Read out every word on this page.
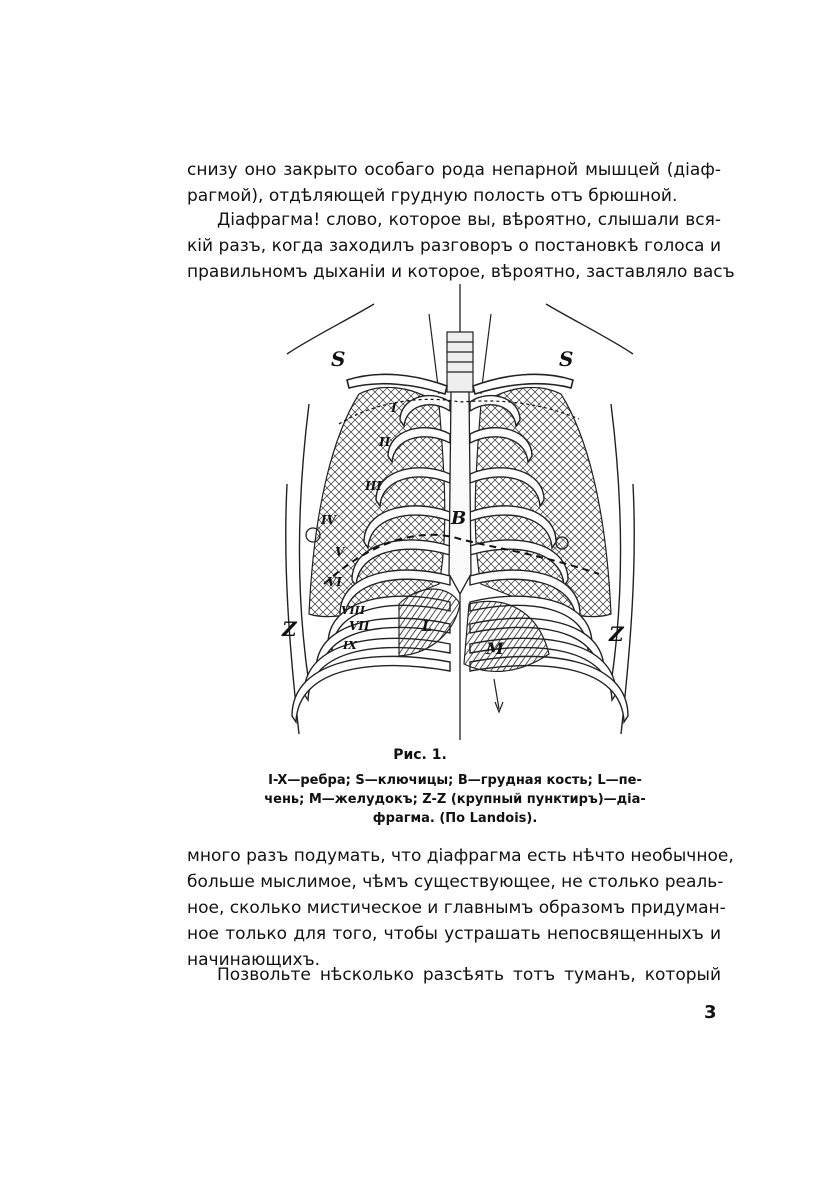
снизу оно закрыто особаго рода непарной мышцей (діаф-
рагмой), отдѣляющей грудную полость отъ брюшной.
Діафрагма! слово, которое вы, вѣроятно, слышали вся-
кій разъ, когда заходилъ разговоръ о постановкѣ голоса и
правильномъ дыханіи и которое, вѣроятно, заставляло васъ
S	S
Z	Z
B
M
L
I
II
III
IV
V
VI
VII
VIII
IX
Рис. 1.
I-X—ребра; S—ключицы; B—грудная кость; L—пе-
чень; M—желудокъ; Z-Z (крупный пунктиръ)—діа-
фрагма. (По Landois).
много разъ подумать, что діафрагма есть нѣчто необычное,
больше мыслимое, чѣмъ существующее, не столько реаль-
ное, сколько мистическое и главнымъ образомъ придуман-
ное только для того, чтобы устрашать непосвященныхъ и
начинающихъ.
Позвольте нѣсколько разсѣять тотъ туманъ, который
3
